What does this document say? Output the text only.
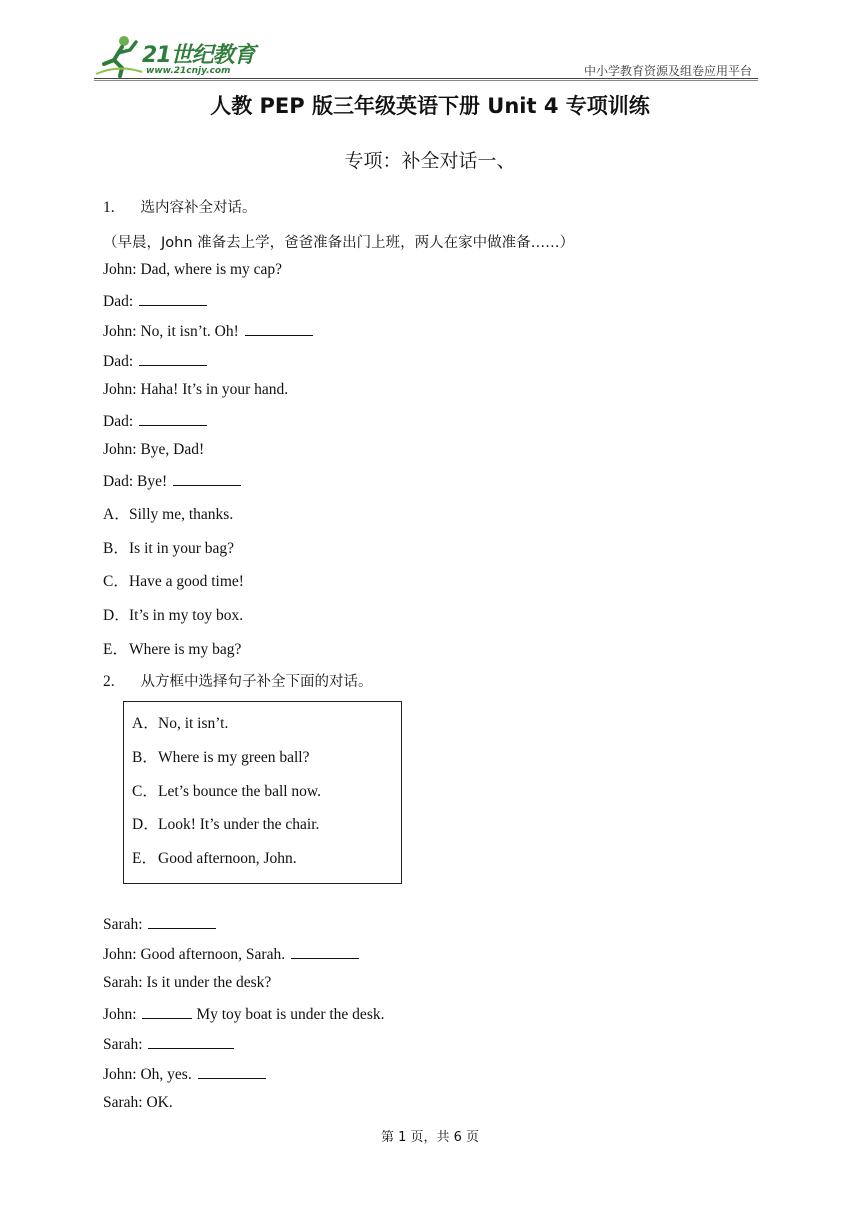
21世纪教育
www.21cnjy.com	中小学教育资源及组卷应用平台
人教 PEP 版三年级英语下册 Unit 4 专项训练
专项：补全对话一、
1. 选内容补全对话。
（早晨，John 准备去上学，爸爸准备出门上班，两人在家中做准备……）
John: Dad, where is my cap?
Dad:
John: No, it isn’t. Oh!
Dad:
John: Haha! It’s in your hand.
Dad:
John: Bye, Dad!
Dad: Bye!
A．Silly me, thanks.
B．Is it in your bag?
C．Have a good time!
D．It’s in my toy box.
E．Where is my bag?
2. 从方框中选择句子补全下面的对话。
A．No, it isn’t.
B．Where is my green ball?
C．Let’s bounce the ball now.
D．Look! It’s under the chair.
E．Good afternoon, John.
Sarah:
John: Good afternoon, Sarah.
Sarah: Is it under the desk?
John:	My toy boat is under the desk.
Sarah:
John: Oh, yes.
Sarah: OK.
第 1 页，共 6 页
